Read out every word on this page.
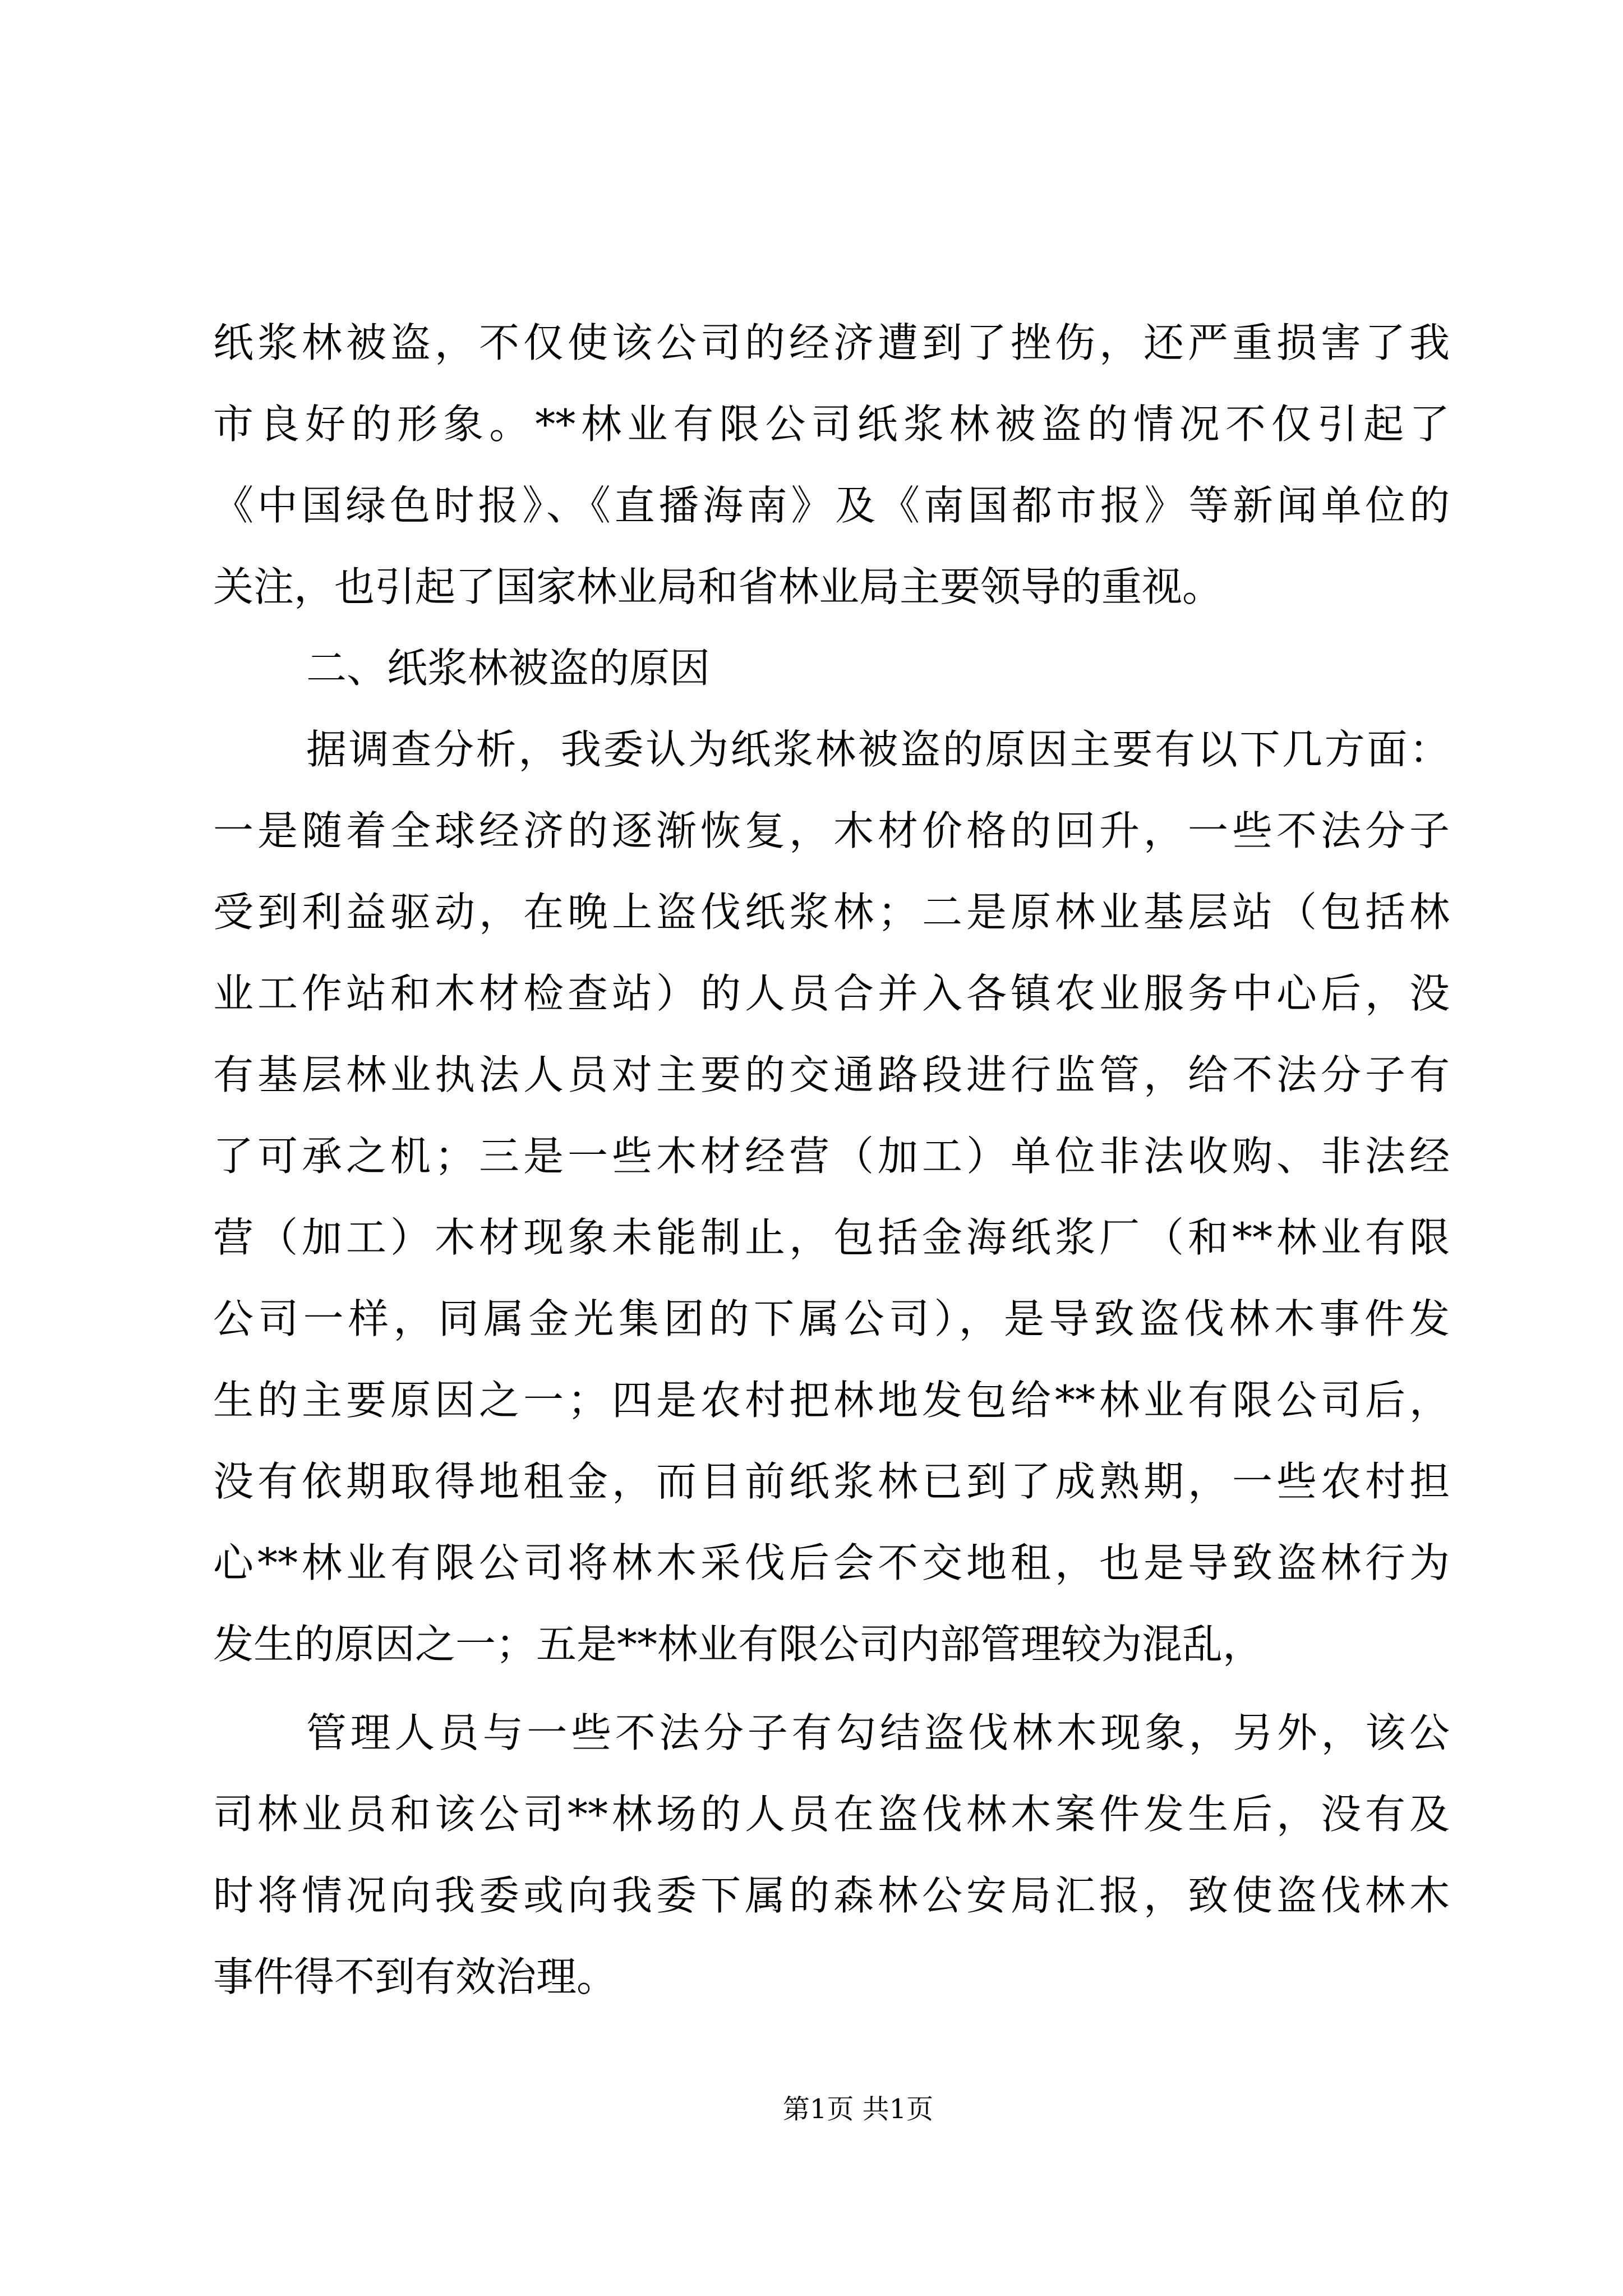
纸浆林被盗，不仅使该公司的经济遭到了挫伤，还严重损害了我
市良好的形象。**林业有限公司纸浆林被盗的情况不仅引起了
《中国绿色时报》、《直播海南》及《南国都市报》等新闻单位的
关注，也引起了国家林业局和省林业局主要领导的重视。
二、纸浆林被盗的原因
据调查分析，我委认为纸浆林被盗的原因主要有以下几方面：
一是随着全球经济的逐渐恢复，木材价格的回升，一些不法分子
受到利益驱动，在晚上盗伐纸浆林；二是原林业基层站（包括林
业工作站和木材检查站）的人员合并入各镇农业服务中心后，没
有基层林业执法人员对主要的交通路段进行监管，给不法分子有
了可承之机；三是一些木材经营（加工）单位非法收购、非法经
营（加工）木材现象未能制止，包括金海纸浆厂（和**林业有限
公司一样，同属金光集团的下属公司），是导致盗伐林木事件发
生的主要原因之一；四是农村把林地发包给**林业有限公司后，
没有依期取得地租金，而目前纸浆林已到了成熟期，一些农村担
心**林业有限公司将林木采伐后会不交地租，也是导致盗林行为
发生的原因之一；五是**林业有限公司内部管理较为混乱，
管理人员与一些不法分子有勾结盗伐林木现象，另外，该公
司林业员和该公司**林场的人员在盗伐林木案件发生后，没有及
时将情况向我委或向我委下属的森林公安局汇报，致使盗伐林木
事件得不到有效治理。
第1页 共1页
